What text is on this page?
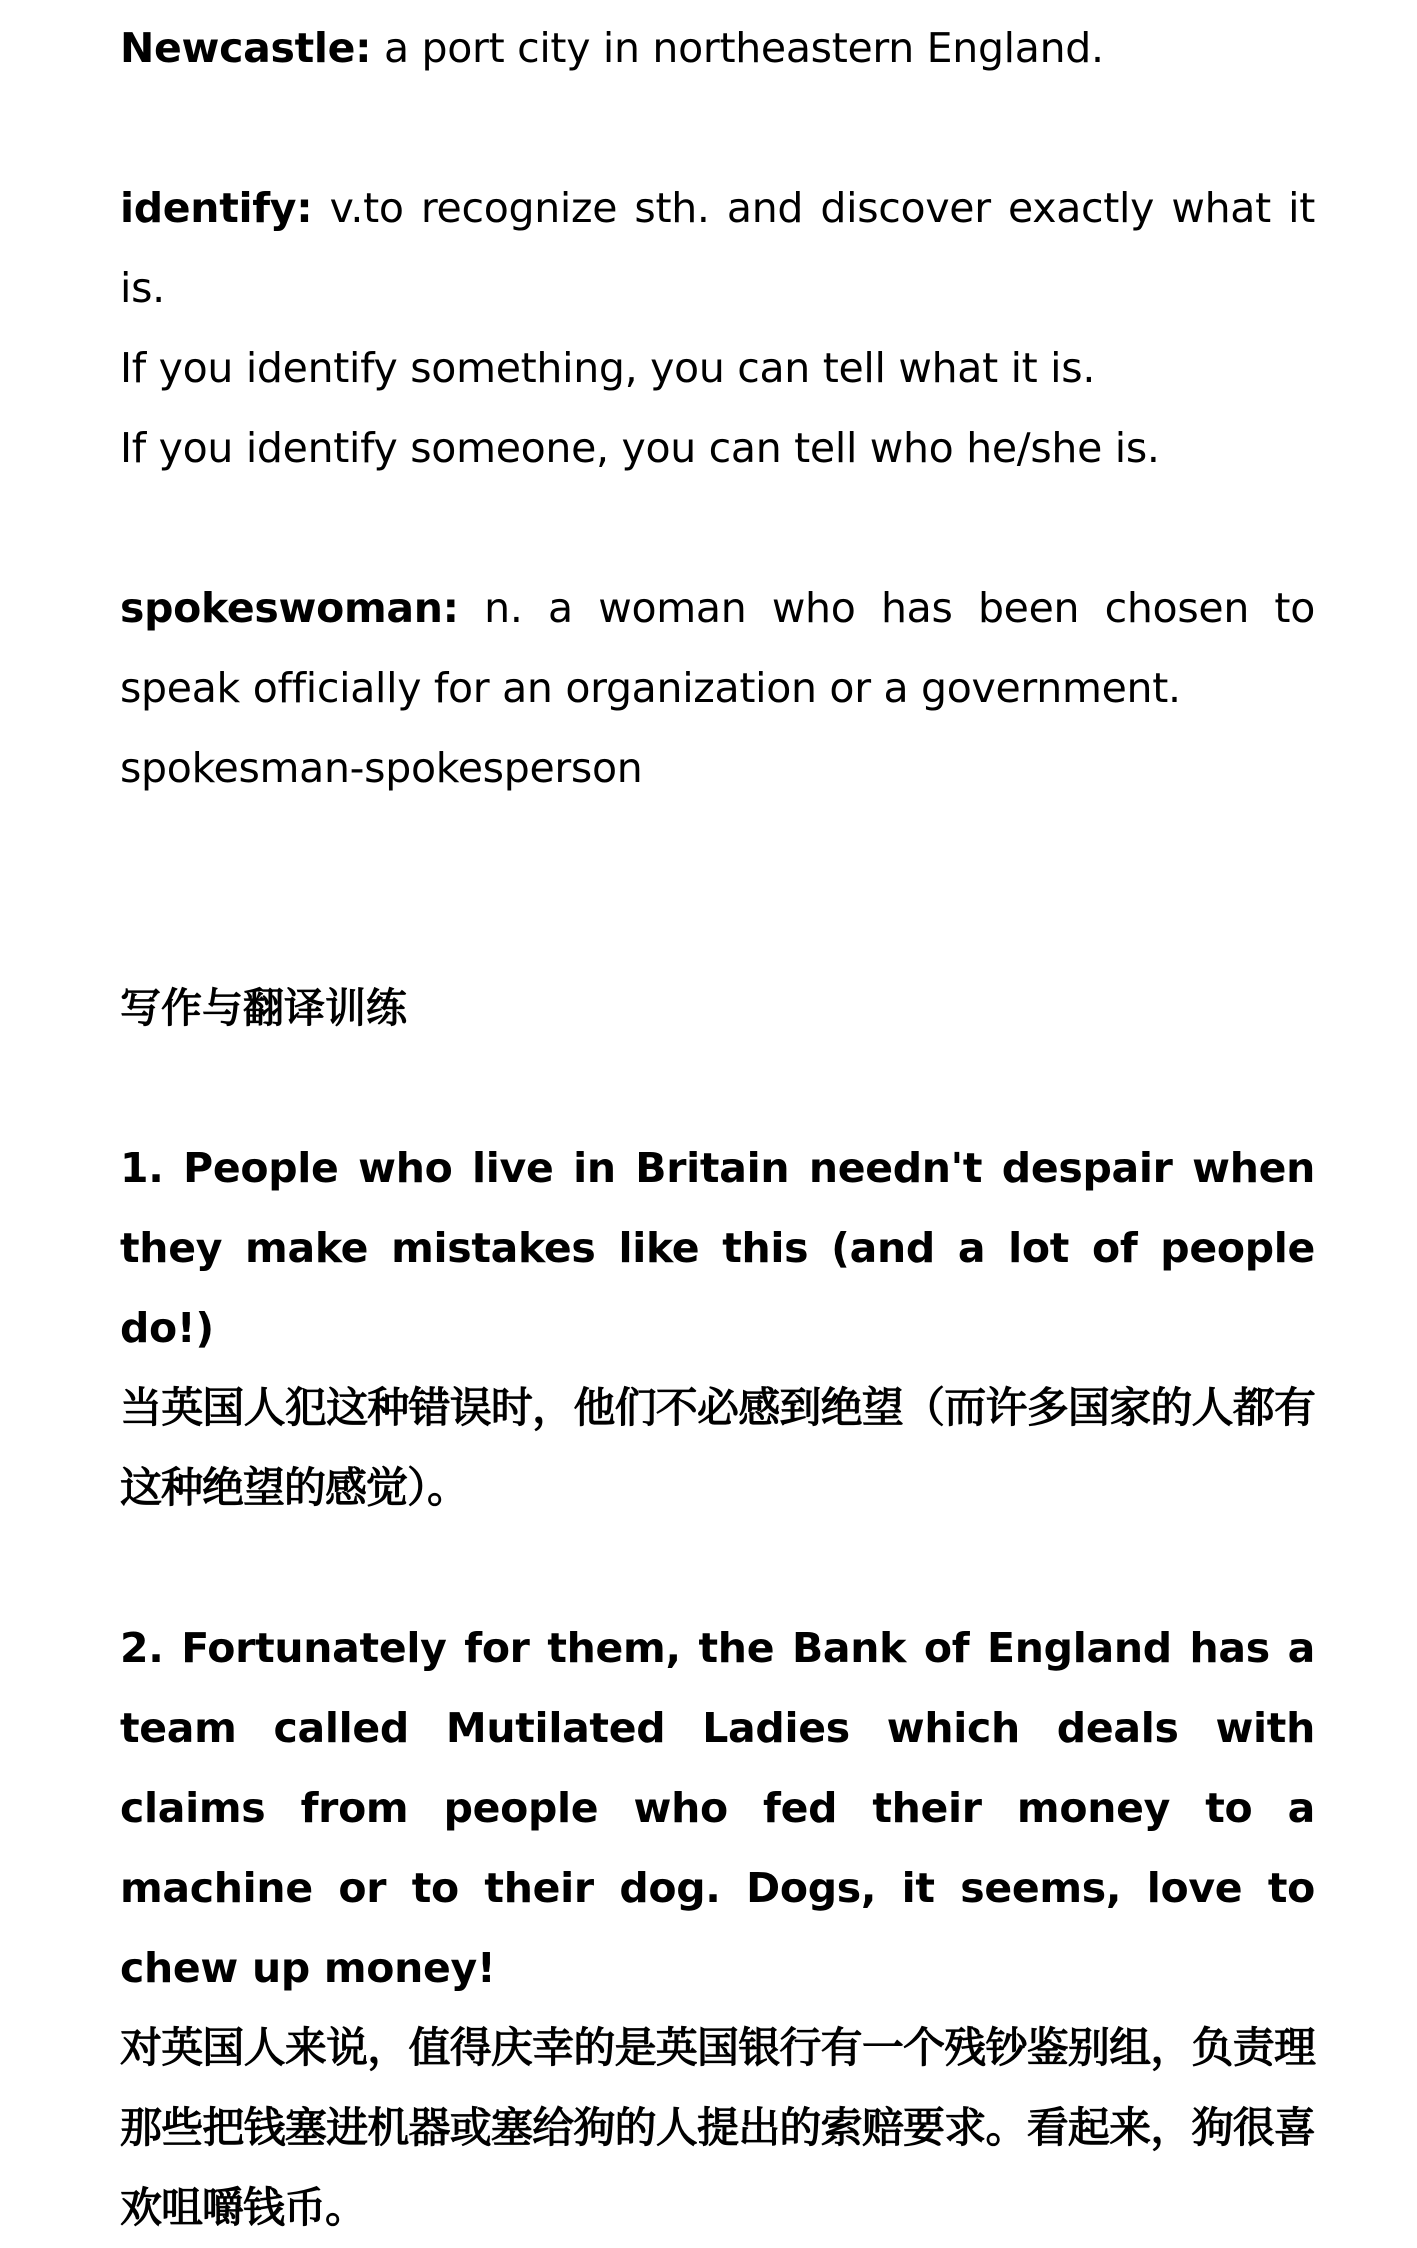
Newcastle: a port city in northeastern England.

identify: v.to recognize sth. and discover exactly what it is.

If you identify something, you can tell what it is.

If you identify someone, you can tell who he/she is.

spokeswoman: n. a woman who has been chosen to speak officially for an organization or a government.

spokesman-spokesperson

写作与翻译训练

1. People who live in Britain needn't despair when they make mistakes like this (and a lot of people do!)

当英国人犯这种错误时，他们不必感到绝望（而许多国家的人都有这种绝望的感觉）。

2. Fortunately for them, the Bank of England has a team called Mutilated Ladies which deals with claims from people who fed their money to a machine or to their dog. Dogs, it seems, love to chew up money!

对英国人来说，值得庆幸的是英国银行有一个残钞鉴别组，负责理那些把钱塞进机器或塞给狗的人提出的索赔要求。看起来，狗很喜欢咀嚼钱币。
